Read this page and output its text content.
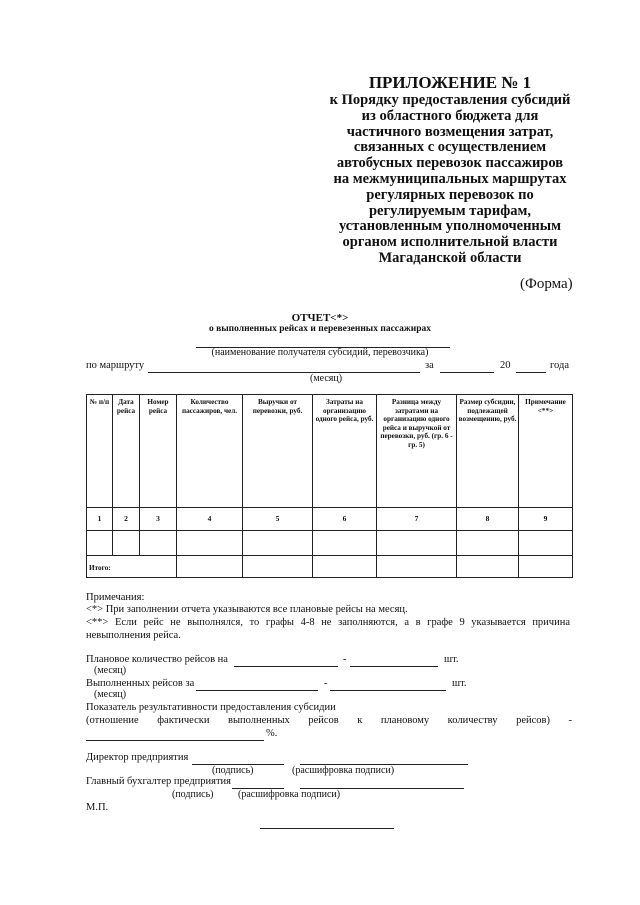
ПРИЛОЖЕНИЕ № 1
к Порядку предоставления субсидий
из областного бюджета для
частичного возмещения затрат,
связанных с осуществлением
автобусных перевозок пассажиров
на межмуниципальных маршрутах
регулярных перевозок по
регулируемым тарифам,
установленным уполномоченным
органом исполнительной власти
Магаданской области
(Форма)
ОТЧЕТ<*>
о выполненных рейсах и перевезенных пассажирах
(наименование получателя субсидий, перевозчика)
по маршруту	за	20	года
(месяц)
№ п/п	Дата рейса	Номер рейса	Количество пассажиров, чел.	Выручки от перевозки, руб.	Затраты на организацию одного рейса, руб.	Разница между затратами на организацию одного рейса и выручкой от перевозки, руб. (гр. 6 - гр. 5)	Размер субсидии, подлежащей возмещению, руб.	Примечание <**>
1	2	3	4	5	6	7	8	9

Итого:								
Примечания:
<*> При заполнении отчета указываются все плановые рейсы на месяц.
<**> Если рейс не выполнялся, то графы 4-8 не заполняются, а в графе 9 указывается причина
невыполнения рейса.
Плановое количество рейсов на	-	шт.
(месяц)
Выполненных рейсов за	-	шт.
(месяц)
Показатель результативности предоставления субсидии
(отношение фактически выполненных рейсов к плановому количеству рейсов) -
%.
Директор предприятия
(подпись)	(расшифровка подписи)
Главный бухгалтер предприятия
(подпись) (расшифровка подписи)
М.П.
